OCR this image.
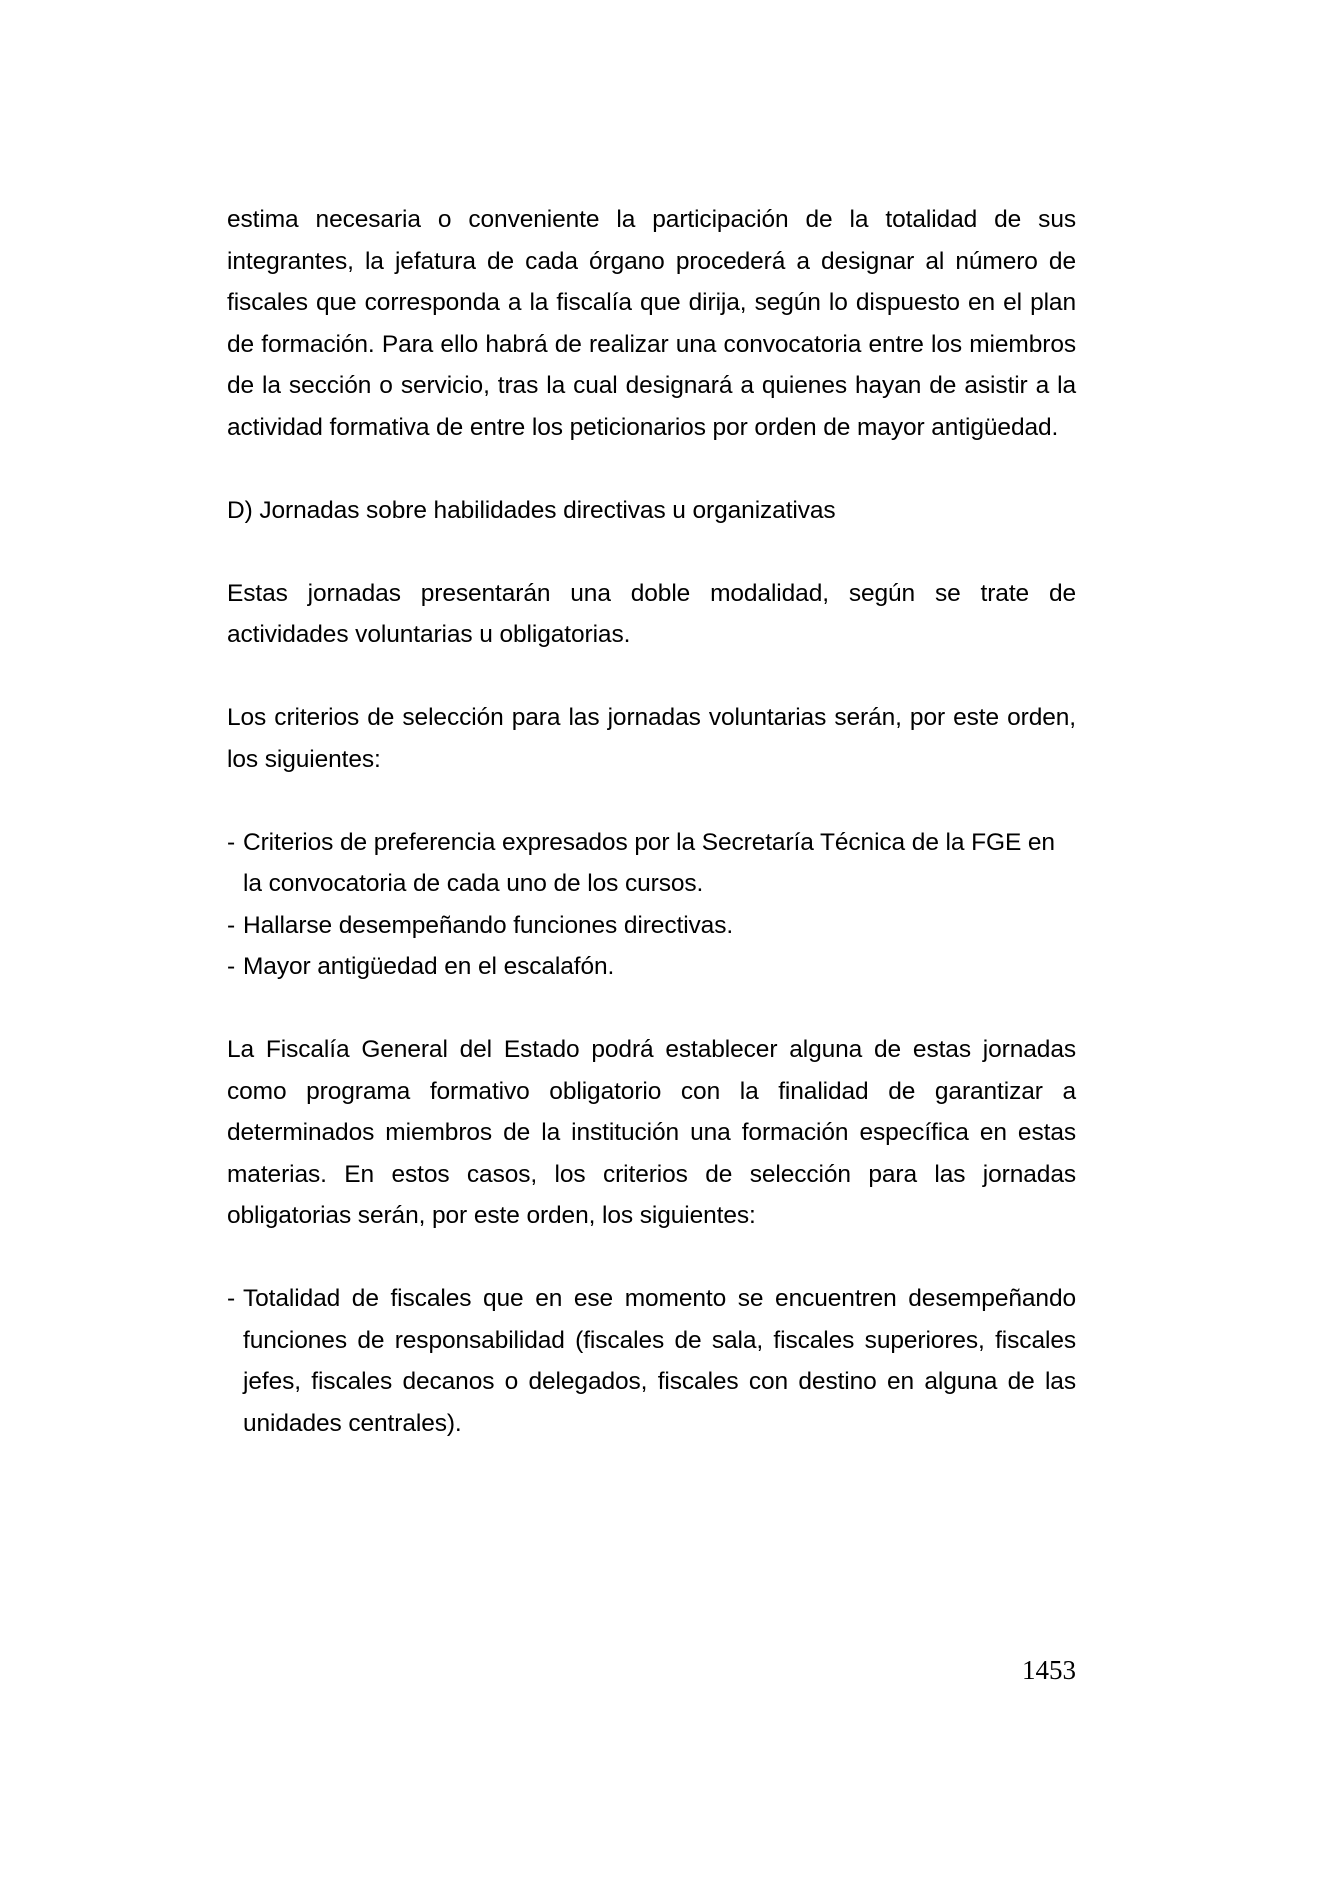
estima necesaria o conveniente la participación de la totalidad de sus integrantes, la jefatura de cada órgano procederá a designar al número de fiscales que corresponda a la fiscalía que dirija, según lo dispuesto en el plan de formación. Para ello habrá de realizar una convocatoria entre los miembros de la sección o servicio, tras la cual designará a quienes hayan de asistir a la actividad formativa de entre los peticionarios por orden de mayor antigüedad.

D) Jornadas sobre habilidades directivas u organizativas

Estas jornadas presentarán una doble modalidad, según se trate de actividades voluntarias u obligatorias.

Los criterios de selección para las jornadas voluntarias serán, por este orden, los siguientes:

- Criterios de preferencia expresados por la Secretaría Técnica de la FGE en la convocatoria de cada uno de los cursos.
- Hallarse desempeñando funciones directivas.
- Mayor antigüedad en el escalafón.

La Fiscalía General del Estado podrá establecer alguna de estas jornadas como programa formativo obligatorio con la finalidad de garantizar a determinados miembros de la institución una formación específica en estas materias. En estos casos, los criterios de selección para las jornadas obligatorias serán, por este orden, los siguientes:

- Totalidad de fiscales que en ese momento se encuentren desempeñando funciones de responsabilidad (fiscales de sala, fiscales superiores, fiscales jefes, fiscales decanos o delegados, fiscales con destino en alguna de las unidades centrales).
1453
